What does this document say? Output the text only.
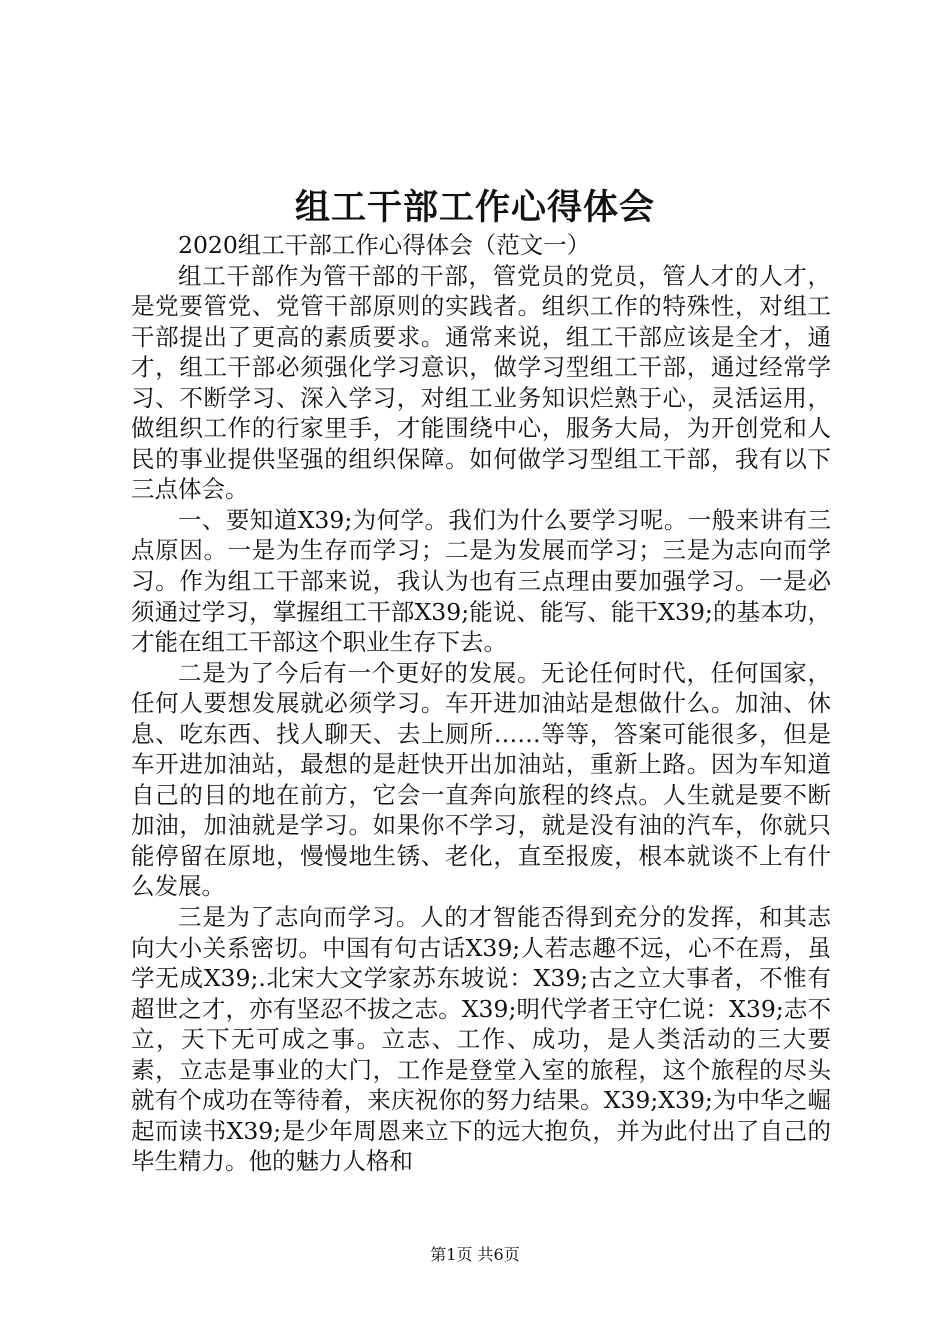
组工干部工作心得体会

2020组工干部工作心得体会（范文一）

组工干部作为管干部的干部，管党员的党员，管人才的人才，是党要管党、党管干部原则的实践者。组织工作的特殊性，对组工干部提出了更高的素质要求。通常来说，组工干部应该是全才，通才，组工干部必须强化学习意识，做学习型组工干部，通过经常学习、不断学习、深入学习，对组工业务知识烂熟于心，灵活运用，做组织工作的行家里手，才能围绕中心，服务大局，为开创党和人民的事业提供坚强的组织保障。如何做学习型组工干部，我有以下三点体会。

一、要知道X39;为何学。我们为什么要学习呢。一般来讲有三点原因。一是为生存而学习；二是为发展而学习；三是为志向而学习。作为组工干部来说，我认为也有三点理由要加强学习。一是必须通过学习，掌握组工干部X39;能说、能写、能干X39;的基本功，才能在组工干部这个职业生存下去。

二是为了今后有一个更好的发展。无论任何时代，任何国家，任何人要想发展就必须学习。车开进加油站是想做什么。加油、休息、吃东西、找人聊天、去上厕所……等等，答案可能很多，但是车开进加油站，最想的是赶快开出加油站，重新上路。因为车知道自己的目的地在前方，它会一直奔向旅程的终点。人生就是要不断加油，加油就是学习。如果你不学习，就是没有油的汽车，你就只能停留在原地，慢慢地生锈、老化，直至报废，根本就谈不上有什么发展。

三是为了志向而学习。人的才智能否得到充分的发挥，和其志向大小关系密切。中国有句古话X39;人若志趣不远，心不在焉，虽学无成X39;.北宋大文学家苏东坡说：X39;古之立大事者，不惟有超世之才，亦有坚忍不拔之志。X39;明代学者王守仁说：X39;志不立，天下无可成之事。立志、工作、成功，是人类活动的三大要素，立志是事业的大门，工作是登堂入室的旅程，这个旅程的尽头就有个成功在等待着，来庆祝你的努力结果。X39;X39;为中华之崛起而读书X39;是少年周恩来立下的远大抱负，并为此付出了自己的毕生精力。他的魅力人格和

第1页 共6页
